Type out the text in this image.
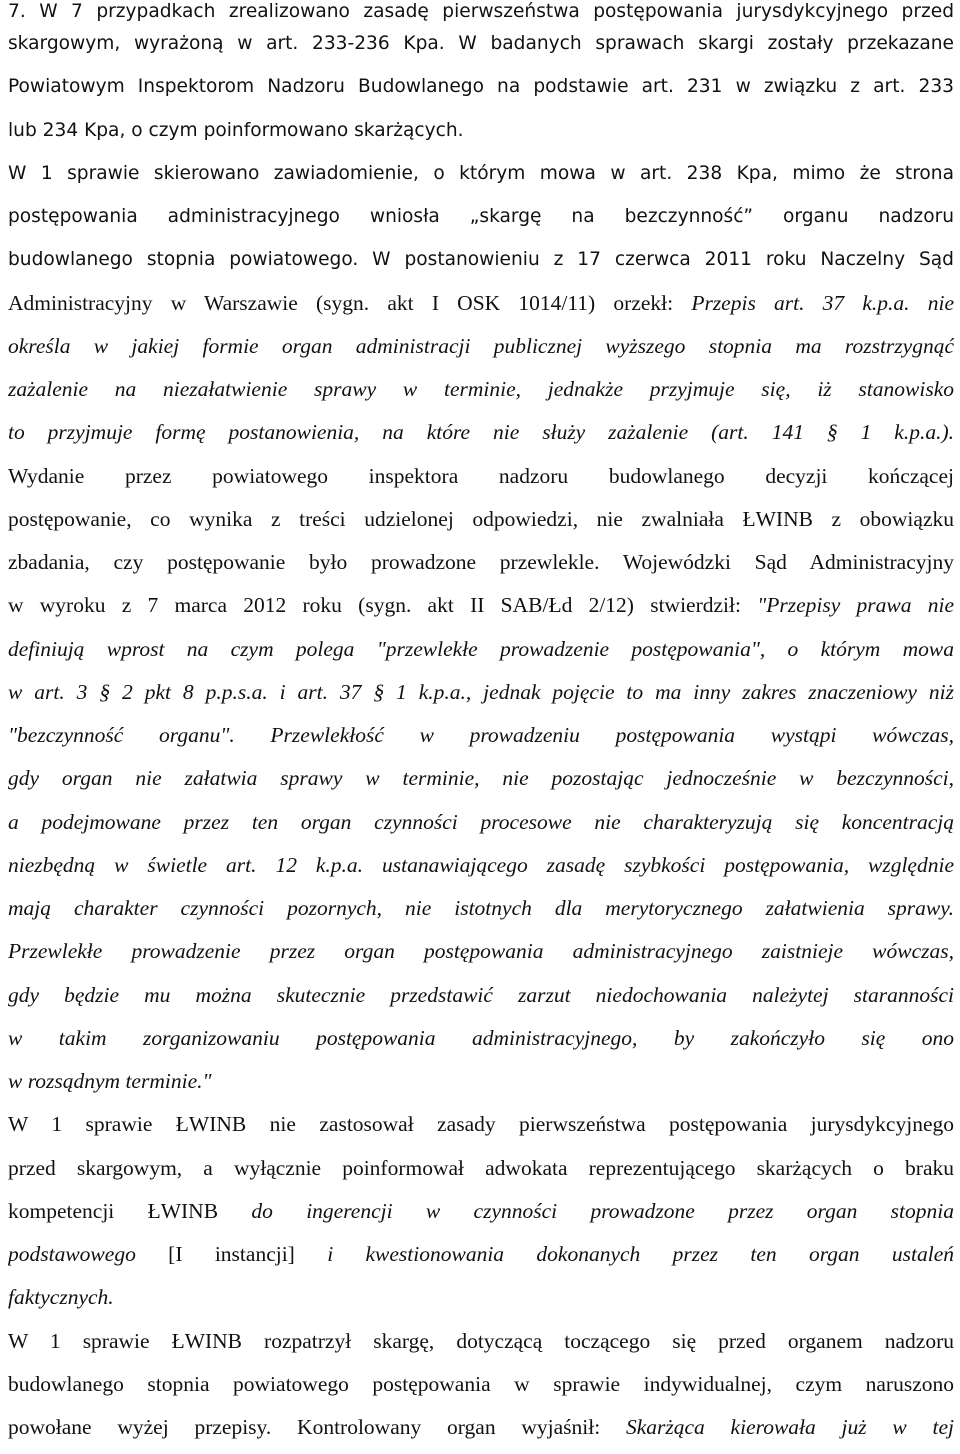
7. W 7 przypadkach zrealizowano zasadę pierwszeństwa postępowania jurysdykcyjnego przed
skargowym, wyrażoną w art. 233-236 Kpa. W badanych sprawach skargi zostały przekazane
Powiatowym Inspektorom Nadzoru Budowlanego na podstawie art. 231 w związku z art. 233
lub 234 Kpa, o czym poinformowano skarżących.
W 1 sprawie skierowano zawiadomienie, o którym mowa w art. 238 Kpa, mimo że strona
postępowania administracyjnego wniosła „skargę na bezczynność” organu nadzoru
budowlanego stopnia powiatowego. W postanowieniu z 17 czerwca 2011 roku Naczelny Sąd
Administracyjny w Warszawie (sygn. akt I OSK 1014/11) orzekł: Przepis art. 37 k.p.a. nie
określa w jakiej formie organ administracji publicznej wyższego stopnia ma rozstrzygnąć
zażalenie na niezałatwienie sprawy w terminie, jednakże przyjmuje się, iż stanowisko
to przyjmuje formę postanowienia, na które nie służy zażalenie (art. 141 § 1 k.p.a.).
Wydanie przez powiatowego inspektora nadzoru budowlanego decyzji kończącej
postępowanie, co wynika z treści udzielonej odpowiedzi, nie zwalniała ŁWINB z obowiązku
zbadania, czy postępowanie było prowadzone przewlekle. Wojewódzki Sąd Administracyjny
w wyroku z 7 marca 2012 roku (sygn. akt II SAB/Łd 2/12) stwierdził: "Przepisy prawa nie
definiują wprost na czym polega "przewlekłe prowadzenie postępowania", o którym mowa
w art. 3 § 2 pkt 8 p.p.s.a. i art. 37 § 1 k.p.a., jednak pojęcie to ma inny zakres znaczeniowy niż
"bezczynność organu". Przewlekłość w prowadzeniu postępowania wystąpi wówczas,
gdy organ nie załatwia sprawy w terminie, nie pozostając jednocześnie w bezczynności,
a podejmowane przez ten organ czynności procesowe nie charakteryzują się koncentracją
niezbędną w świetle art. 12 k.p.a. ustanawiającego zasadę szybkości postępowania, względnie
mają charakter czynności pozornych, nie istotnych dla merytorycznego załatwienia sprawy.
Przewlekłe prowadzenie przez organ postępowania administracyjnego zaistnieje wówczas,
gdy będzie mu można skutecznie przedstawić zarzut niedochowania należytej staranności
w takim zorganizowaniu postępowania administracyjnego, by zakończyło się ono
w rozsądnym terminie."
W 1 sprawie ŁWINB nie zastosował zasady pierwszeństwa postępowania jurysdykcyjnego
przed skargowym, a wyłącznie poinformował adwokata reprezentującego skarżących o braku
kompetencji ŁWINB do ingerencji w czynności prowadzone przez organ stopnia
podstawowego [I instancji] i kwestionowania dokonanych przez ten organ ustaleń
faktycznych.
W 1 sprawie ŁWINB rozpatrzył skargę, dotyczącą toczącego się przed organem nadzoru
budowlanego stopnia powiatowego postępowania w sprawie indywidualnej, czym naruszono
powołane wyżej przepisy. Kontrolowany organ wyjaśnił: Skarżąca kierowała już w tej
